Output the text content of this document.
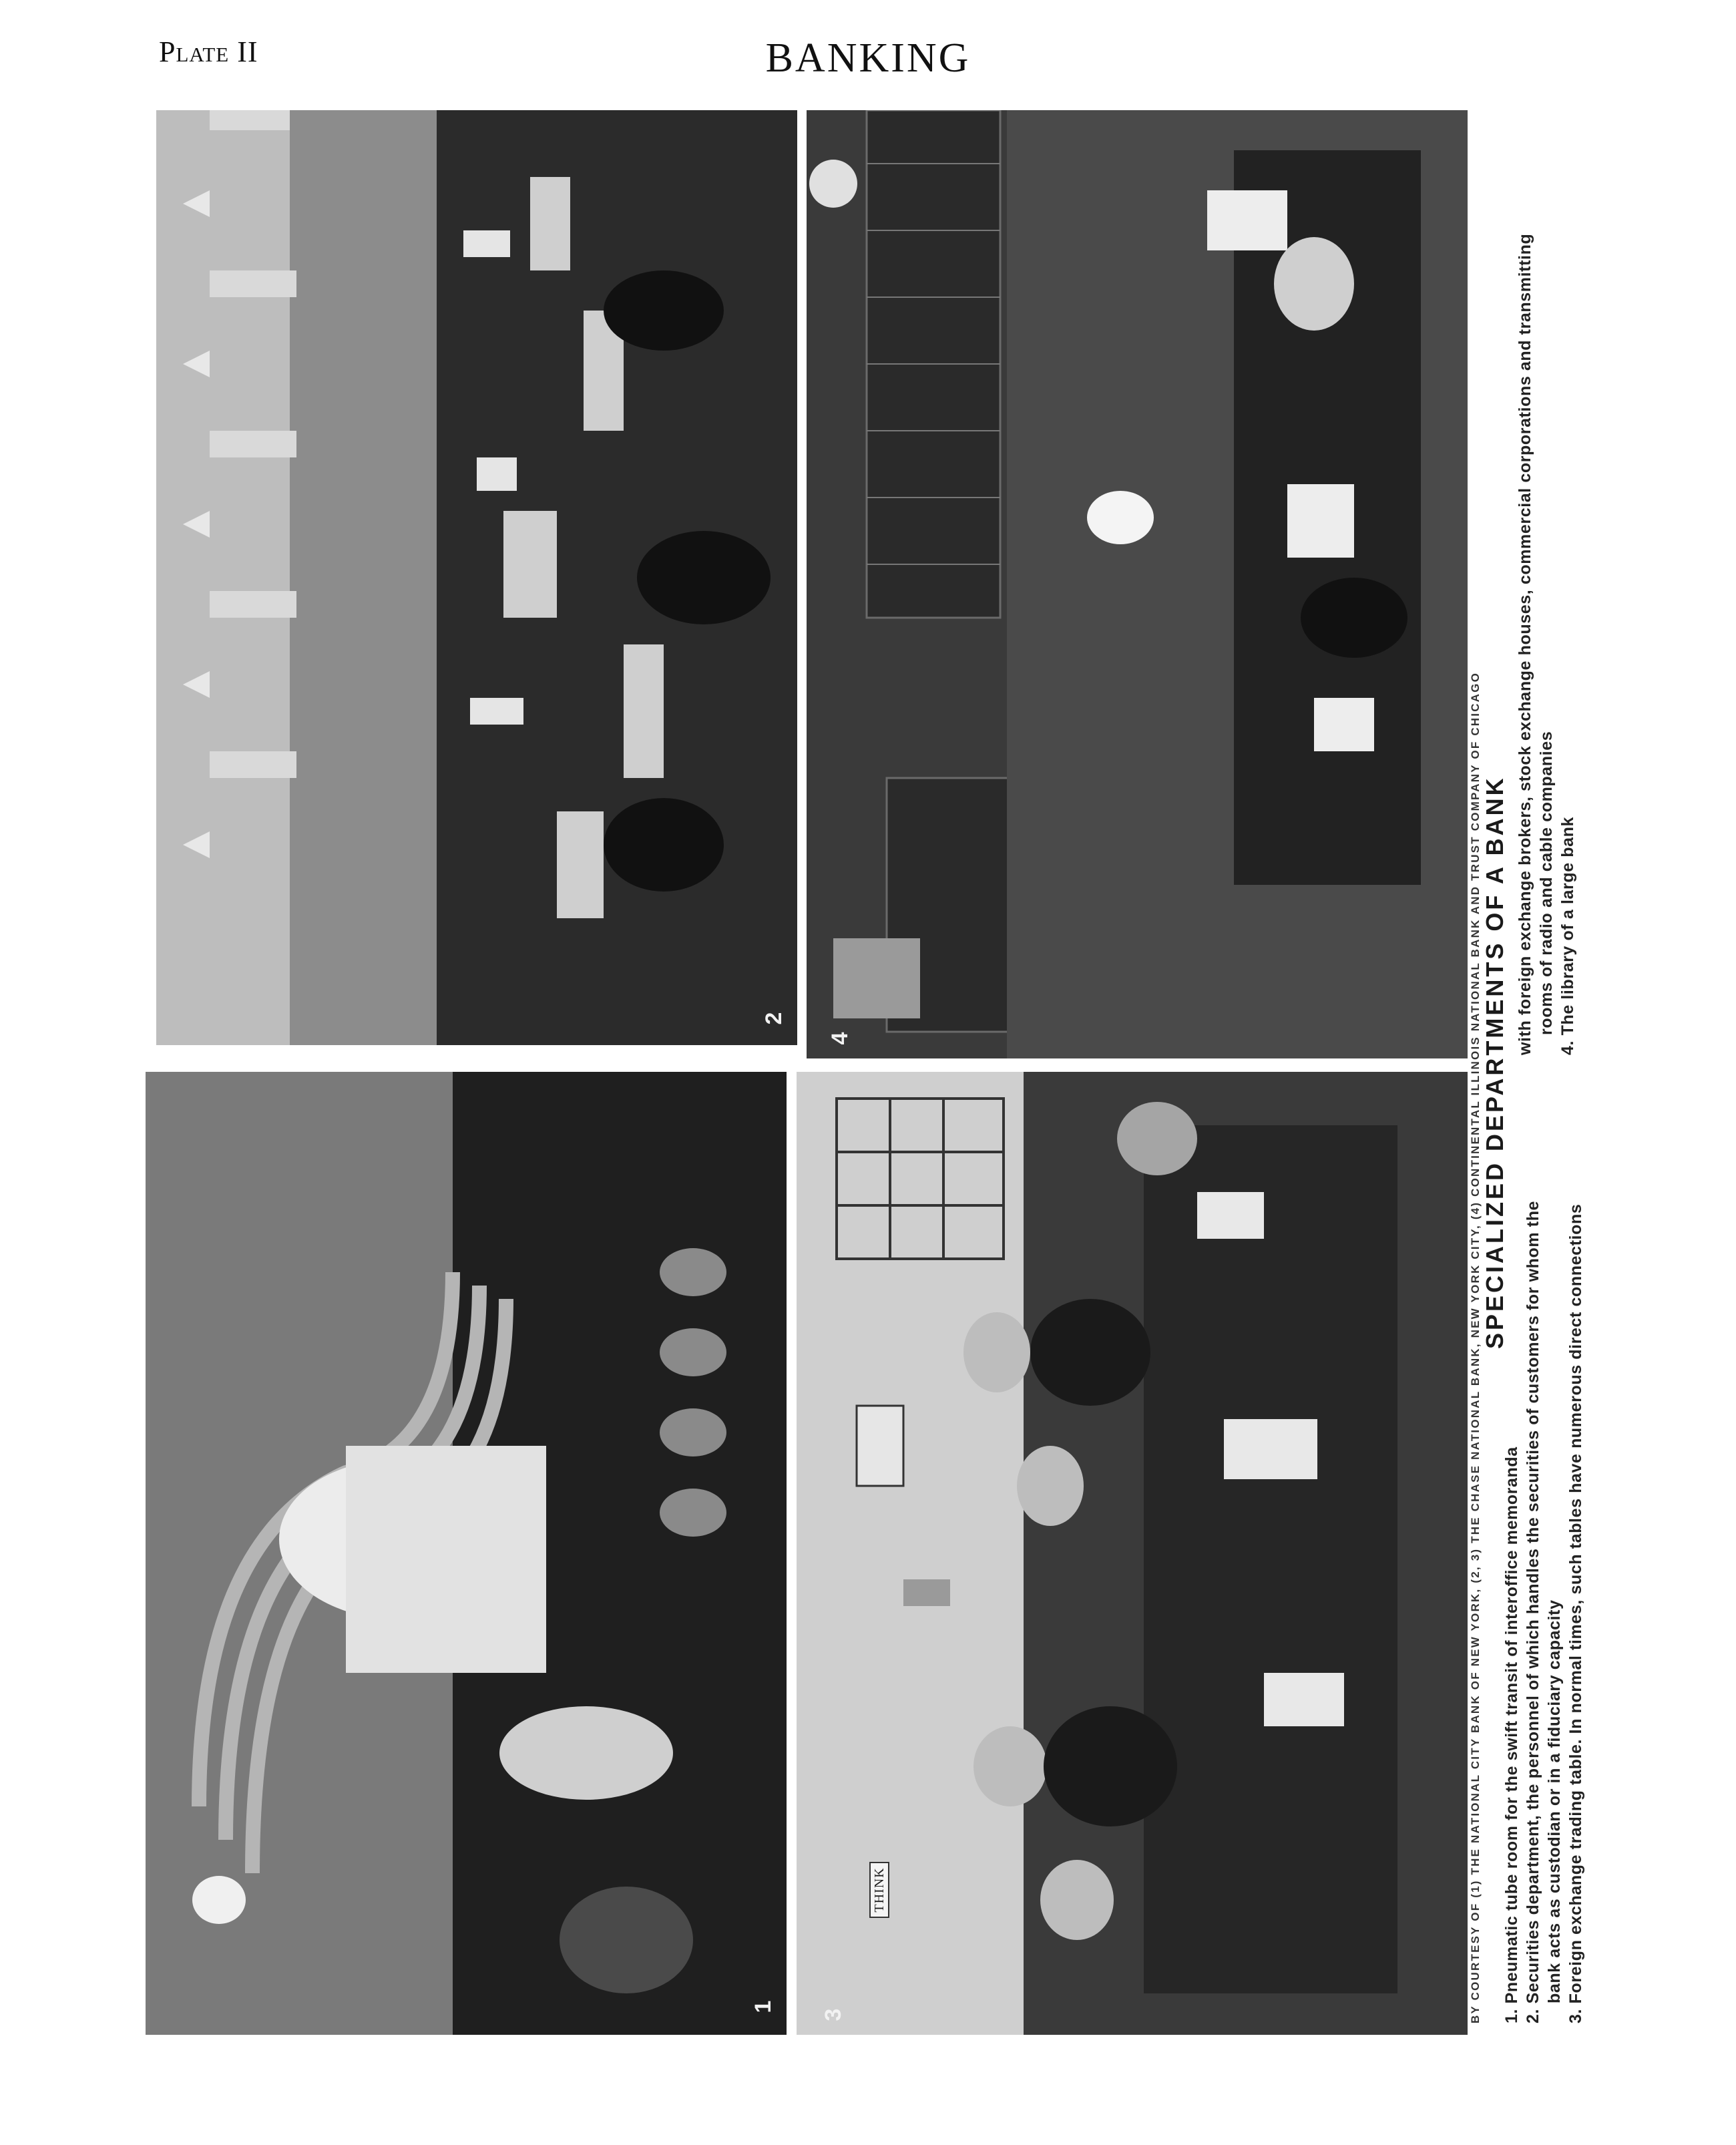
Plate II	BANKING
2
1
4
THINK
3	BY COURTESY OF (1) THE NATIONAL CITY BANK OF NEW YORK, (2, 3) THE CHASE NATIONAL BANK, NEW YORK CITY, (4) CONTINENTAL ILLINOIS NATIONAL BANK AND TRUST COMPANY OF CHICAGO SPECIALIZED DEPARTMENTS OF A BANK
1. Pneumatic tube room for the swift transit of interoffice memoranda 2. Securities department, the personnel of which handles the securities of customers for whom the bank acts as custodian or in a fiduciary capacity 3. Foreign exchange trading table. In normal times, such tables have numerous direct connections
with foreign exchange brokers, stock exchange houses, commercial corporations and transmitting rooms of radio and cable companies 4. The library of a large bank
